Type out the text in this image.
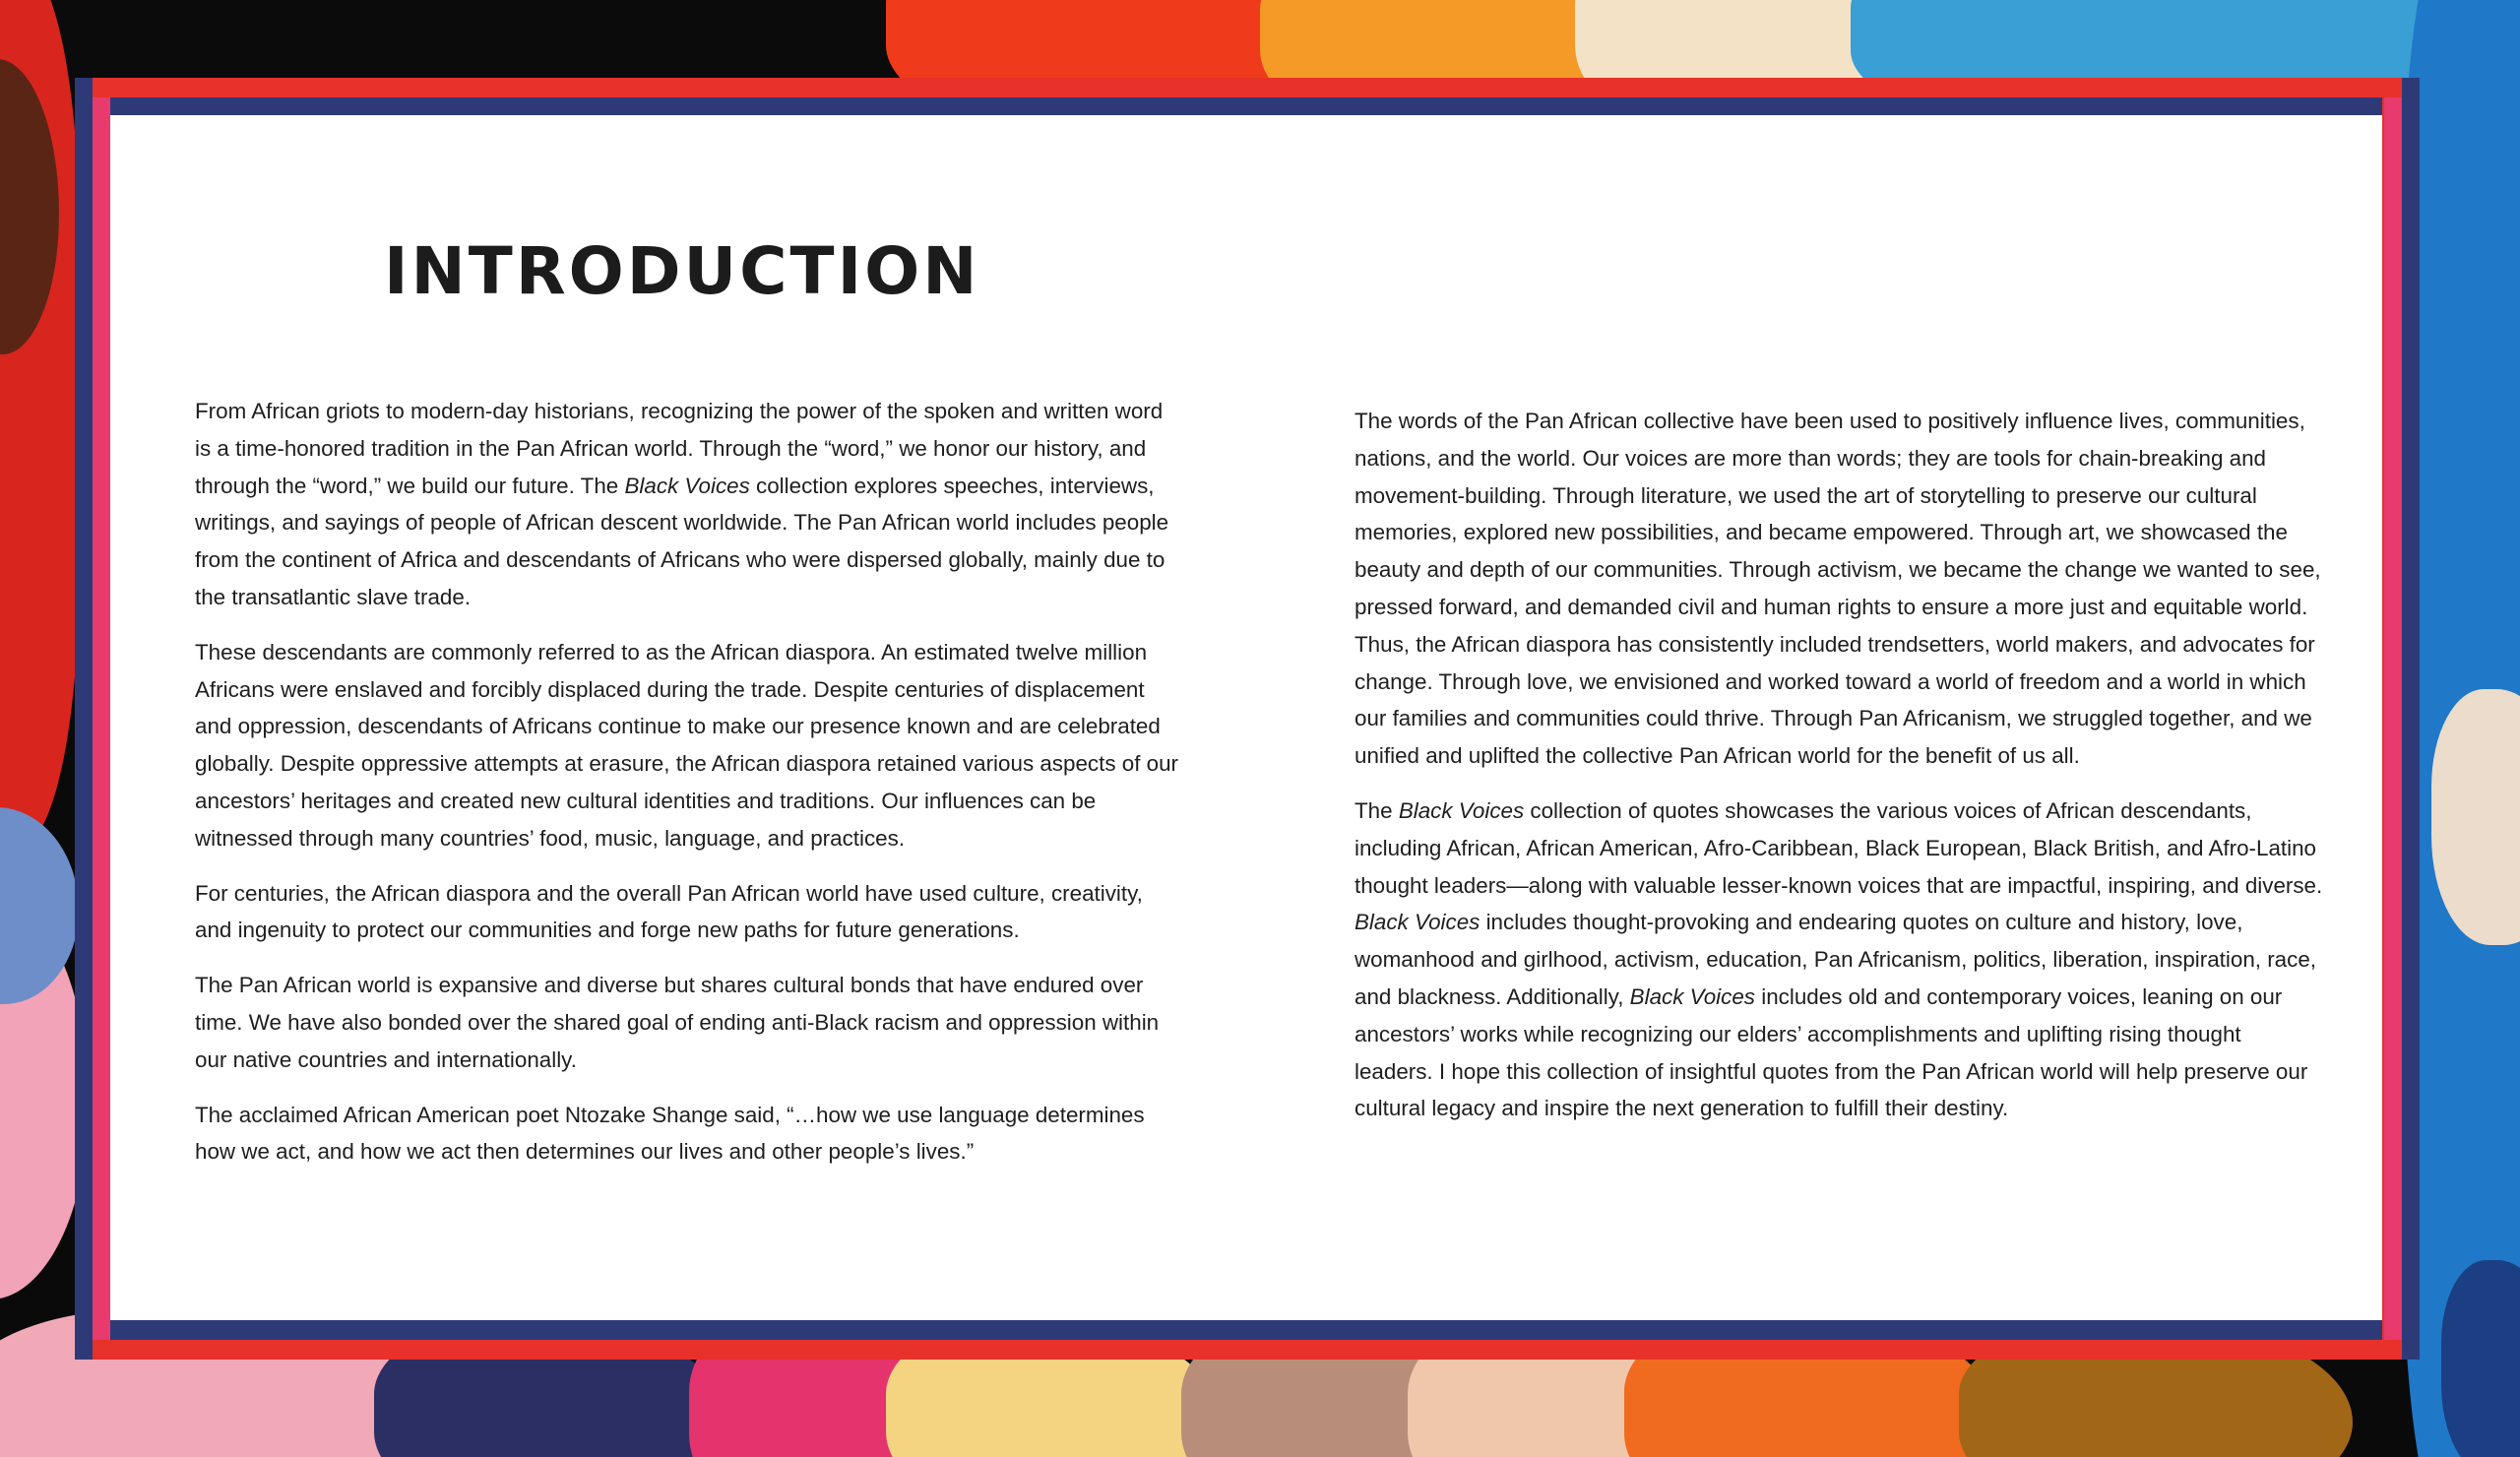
INTRODUCTION

From African griots to modern-day historians, recognizing the power of the spoken and written word is a time-honored tradition in the Pan African world. Through the “word,” we honor our history, and through the “word,” we build our future. The Black Voices collection explores speeches, interviews, writings, and sayings of people of African descent worldwide. The Pan African world includes people from the continent of Africa and descendants of Africans who were dispersed globally, mainly due to the transatlantic slave trade.

These descendants are commonly referred to as the African diaspora. An estimated twelve million Africans were enslaved and forcibly displaced during the trade. Despite centuries of displacement and oppression, descendants of Africans continue to make our presence known and are celebrated globally. Despite oppressive attempts at erasure, the African diaspora retained various aspects of our ancestors’ heritages and created new cultural identities and traditions. Our influences can be witnessed through many countries’ food, music, language, and practices.

For centuries, the African diaspora and the overall Pan African world have used culture, creativity, and ingenuity to protect our communities and forge new paths for future generations.

The Pan African world is expansive and diverse but shares cultural bonds that have endured over time. We have also bonded over the shared goal of ending anti-Black racism and oppression within our native countries and internationally.

The acclaimed African American poet Ntozake Shange said, “…how we use language determines how we act, and how we act then determines our lives and other people’s lives.”

The words of the Pan African collective have been used to positively influence lives, communities, nations, and the world. Our voices are more than words; they are tools for chain-breaking and movement-building. Through literature, we used the art of storytelling to preserve our cultural memories, explored new possibilities, and became empowered. Through art, we showcased the beauty and depth of our communities. Through activism, we became the change we wanted to see, pressed forward, and demanded civil and human rights to ensure a more just and equitable world. Thus, the African diaspora has consistently included trendsetters, world makers, and advocates for change. Through love, we envisioned and worked toward a world of freedom and a world in which our families and communities could thrive. Through Pan Africanism, we struggled together, and we unified and uplifted the collective Pan African world for the benefit of us all.

The Black Voices collection of quotes showcases the various voices of African descendants, including African, African American, Afro-Caribbean, Black European, Black British, and Afro-Latino thought leaders—along with valuable lesser-known voices that are impactful, inspiring, and diverse. Black Voices includes thought-provoking and endearing quotes on culture and history, love, womanhood and girlhood, activism, education, Pan Africanism, politics, liberation, inspiration, race, and blackness. Additionally, Black Voices includes old and contemporary voices, leaning on our ancestors’ works while recognizing our elders’ accomplishments and uplifting rising thought leaders. I hope this collection of insightful quotes from the Pan African world will help preserve our cultural legacy and inspire the next generation to fulfill their destiny.
